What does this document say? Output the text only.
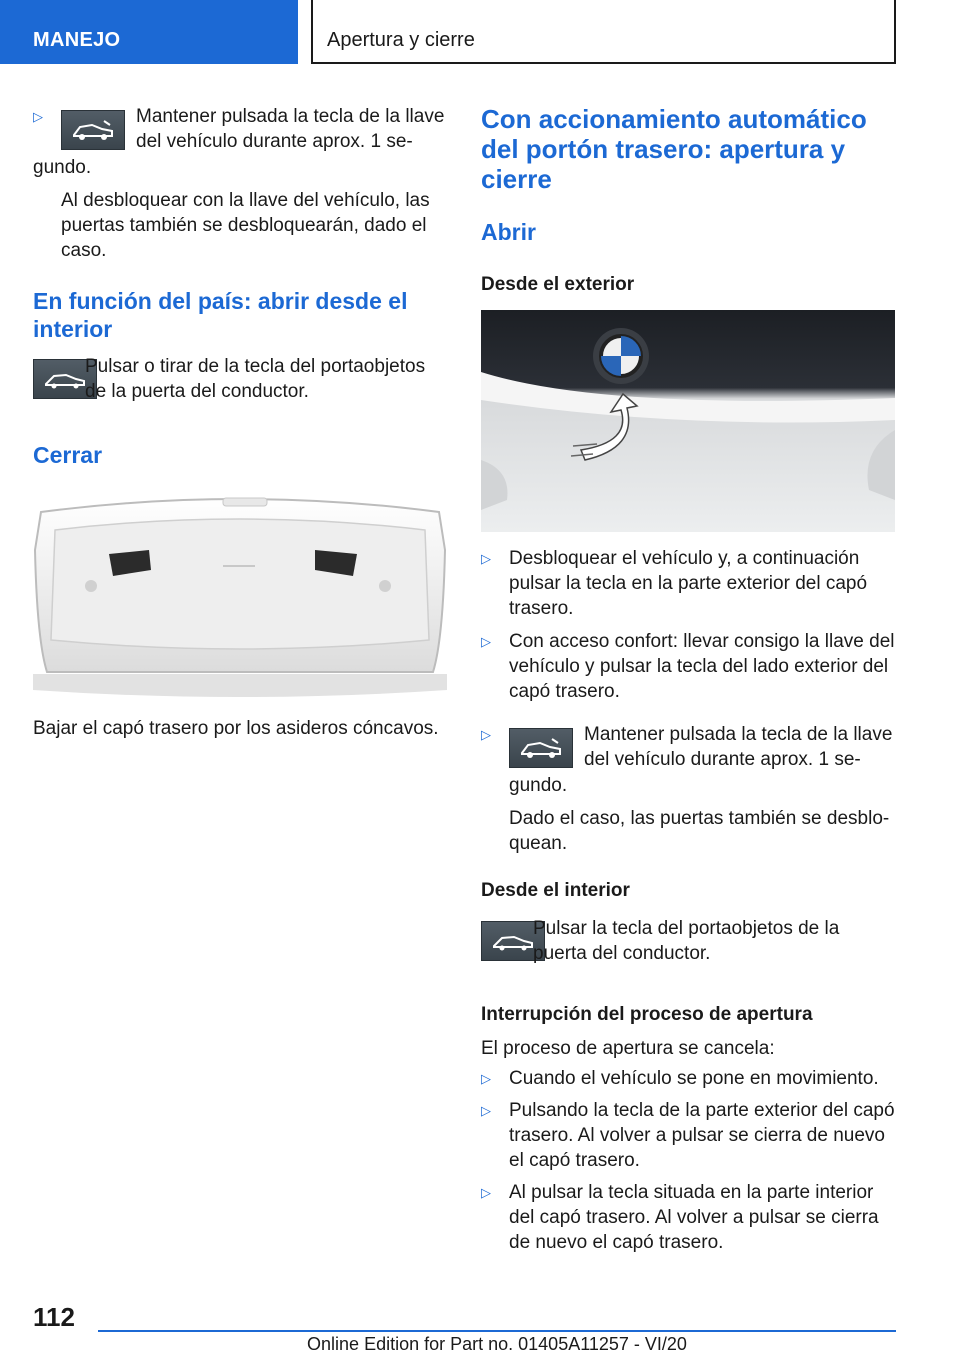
MANEJO	Apertura y cierre
▷	Mantener pulsada la tecla de la llave del vehículo durante aprox. 1 se-
gundo.
Al desbloquear con la llave del vehículo, las puertas también se desbloquearán, dado el caso.
En función del país: abrir desde el interior
Pulsar o tirar de la tecla del portaobjetos de la puerta del conductor.
Cerrar
Bajar el capó trasero por los asideros cóncavos.
Con accionamiento automático del portón trasero: apertura y cierre
Abrir
Desde el exterior
▷ Desbloquear el vehículo y, a continuación pulsar la tecla en la parte exterior del capó trasero.
▷ Con acceso confort: llevar consigo la llave del vehículo y pulsar la tecla del lado exterior del capó trasero.
▷	Mantener pulsada la tecla de la llave del vehículo durante aprox. 1 se-
gundo.
Dado el caso, las puertas también se desblo-quean.
Desde el interior
Pulsar la tecla del portaobjetos de la puerta del conductor.
Interrupción del proceso de apertura
El proceso de apertura se cancela:
▷ Cuando el vehículo se pone en movimiento.
▷ Pulsando la tecla de la parte exterior del capó trasero. Al volver a pulsar se cierra de nuevo el capó trasero.
▷ Al pulsar la tecla situada en la parte interior del capó trasero. Al volver a pulsar se cierra de nuevo el capó trasero.
112
Online Edition for Part no. 01405A11257 - VI/20
